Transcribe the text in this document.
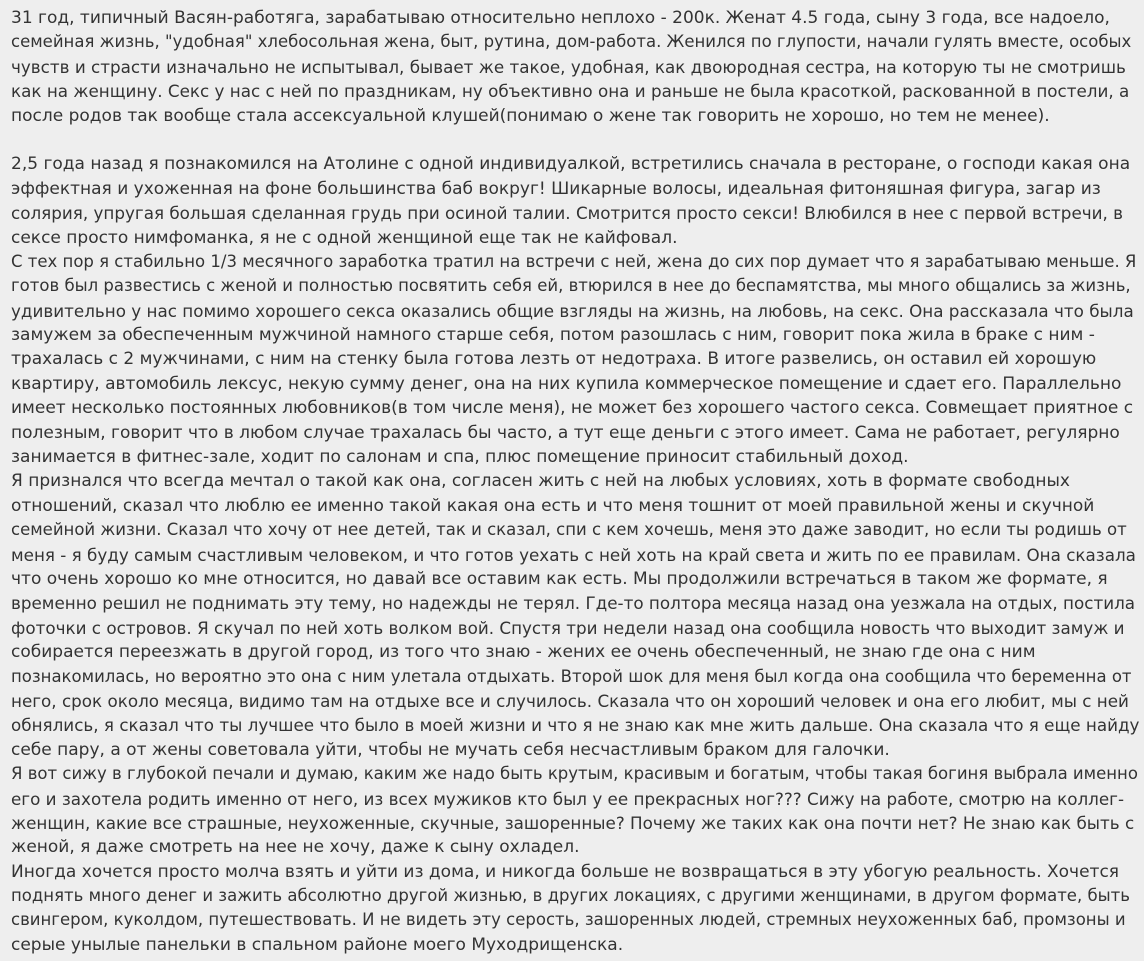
31 год, типичный Васян-работяга, зарабатываю относительно неплохо - 200к. Женат 4.5 года, сыну 3 года, все надоело,
семейная жизнь, "удобная" хлебосольная жена, быт, рутина, дом-работа. Женился по глупости, начали гулять вместе, особых
чувств и страсти изначально не испытывал, бывает же такое, удобная, как двоюродная сестра, на которую ты не смотришь
как на женщину. Секс у нас с ней по праздникам, ну объективно она и раньше не была красоткой, раскованной в постели, а
после родов так вообще стала ассексуальной клушей(понимаю о жене так говорить не хорошо, но тем не менее).
2,5 года назад я познакомился на Атолине с одной индивидуалкой, встретились сначала в ресторане, о господи какая она
эффектная и ухоженная на фоне большинства баб вокруг! Шикарные волосы, идеальная фитоняшная фигура, загар из
солярия, упругая большая сделанная грудь при осиной талии. Смотрится просто секси! Влюбился в нее с первой встречи, в
сексе просто нимфоманка, я не с одной женщиной еще так не кайфовал.
С тех пор я стабильно 1/3 месячного заработка тратил на встречи с ней, жена до сих пор думает что я зарабатываю меньше. Я
готов был развестись с женой и полностью посвятить себя ей, втюрился в нее до беспамятства, мы много общались за жизнь,
удивительно у нас помимо хорошего секса оказались общие взгляды на жизнь, на любовь, на секс. Она рассказала что была
замужем за обеспеченным мужчиной намного старше себя, потом разошлась с ним, говорит пока жила в браке с ним -
трахалась с 2 мужчинами, с ним на стенку была готова лезть от недотраха. В итоге развелись, он оставил ей хорошую
квартиру, автомобиль лексус, некую сумму денег, она на них купила коммерческое помещение и сдает его. Параллельно
имеет несколько постоянных любовников(в том числе меня), не может без хорошего частого секса. Совмещает приятное с
полезным, говорит что в любом случае трахалась бы часто, а тут еще деньги с этого имеет. Сама не работает, регулярно
занимается в фитнес-зале, ходит по салонам и спа, плюс помещение приносит стабильный доход.
Я признался что всегда мечтал о такой как она, согласен жить с ней на любых условиях, хоть в формате свободных
отношений, сказал что люблю ее именно такой какая она есть и что меня тошнит от моей правильной жены и скучной
семейной жизни. Сказал что хочу от нее детей, так и сказал, спи с кем хочешь, меня это даже заводит, но если ты родишь от
меня - я буду самым счастливым человеком, и что готов уехать с ней хоть на край света и жить по ее правилам. Она сказала
что очень хорошо ко мне относится, но давай все оставим как есть. Мы продолжили встречаться в таком же формате, я
временно решил не поднимать эту тему, но надежды не терял. Где-то полтора месяца назад она уезжала на отдых, постила
фоточки с островов. Я скучал по ней хоть волком вой. Спустя три недели назад она сообщила новость что выходит замуж и
собирается переезжать в другой город, из того что знаю - жених ее очень обеспеченный, не знаю где она с ним
познакомилась, но вероятно это она с ним улетала отдыхать. Второй шок для меня был когда она сообщила что беременна от
него, срок около месяца, видимо там на отдыхе все и случилось. Сказала что он хороший человек и она его любит, мы с ней
обнялись, я сказал что ты лучшее что было в моей жизни и что я не знаю как мне жить дальше. Она сказала что я еще найду
себе пару, а от жены советовала уйти, чтобы не мучать себя несчастливым браком для галочки.
Я вот сижу в глубокой печали и думаю, каким же надо быть крутым, красивым и богатым, чтобы такая богиня выбрала именно
его и захотела родить именно от него, из всех мужиков кто был у ее прекрасных ног??? Сижу на работе, смотрю на коллег-
женщин, какие все страшные, неухоженные, скучные, зашоренные? Почему же таких как она почти нет? Не знаю как быть с
женой, я даже смотреть на нее не хочу, даже к сыну охладел.
Иногда хочется просто молча взять и уйти из дома, и никогда больше не возвращаться в эту убогую реальность. Хочется
поднять много денег и зажить абсолютно другой жизнью, в других локациях, с другими женщинами, в другом формате, быть
свингером, куколдом, путешествовать. И не видеть эту серость, зашоренных людей, стремных неухоженных баб, промзоны и
серые унылые панельки в спальном районе моего Муходрищенска.
